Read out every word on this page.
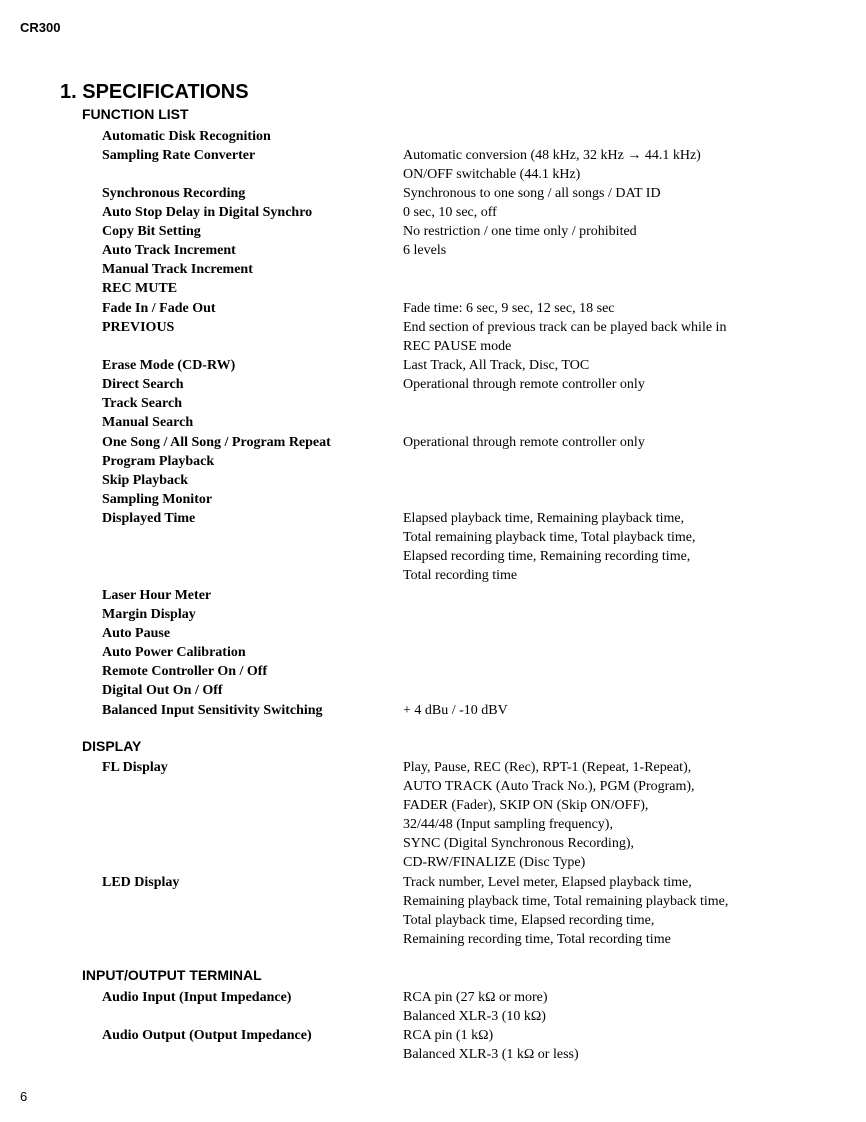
CR300
1. SPECIFICATIONS
FUNCTION LIST
Automatic Disk Recognition
Sampling Rate Converter	Automatic conversion (48 kHz, 32 kHz → 44.1 kHz)
ON/OFF switchable (44.1 kHz)
Synchronous Recording	Synchronous to one song / all songs / DAT ID
Auto Stop Delay in Digital Synchro	0 sec, 10 sec, off
Copy Bit Setting	No restriction / one time only / prohibited
Auto Track Increment	6 levels
Manual Track Increment
REC MUTE
Fade In / Fade Out	Fade time: 6 sec, 9 sec, 12 sec, 18 sec
PREVIOUS	End section of previous track can be played back while in
REC PAUSE mode
Erase Mode (CD-RW)	Last Track, All Track, Disc, TOC
Direct Search	Operational through remote controller only
Track Search
Manual Search
One Song / All Song / Program Repeat	Operational through remote controller only
Program Playback
Skip Playback
Sampling Monitor
Displayed Time	Elapsed playback time, Remaining playback time,
Total remaining playback time, Total playback time,
Elapsed recording time, Remaining recording time,
Total recording time
Laser Hour Meter
Margin Display
Auto Pause
Auto Power Calibration
Remote Controller On / Off
Digital Out On / Off
Balanced Input Sensitivity Switching	+ 4 dBu / -10 dBV
DISPLAY
FL Display	Play, Pause, REC (Rec), RPT-1 (Repeat, 1-Repeat),
AUTO TRACK (Auto Track No.), PGM (Program),
FADER (Fader), SKIP ON (Skip ON/OFF),
32/44/48 (Input sampling frequency),
SYNC (Digital Synchronous Recording),
CD-RW/FINALIZE (Disc Type)
LED Display	Track number, Level meter, Elapsed playback time,
Remaining playback time, Total remaining playback time,
Total playback time, Elapsed recording time,
Remaining recording time, Total recording time
INPUT/OUTPUT TERMINAL
Audio Input (Input Impedance)	RCA pin (27 kΩ or more)
Balanced XLR-3 (10 kΩ)
Audio Output (Output Impedance)	RCA pin (1 kΩ)
Balanced XLR-3 (1 kΩ or less)
6
